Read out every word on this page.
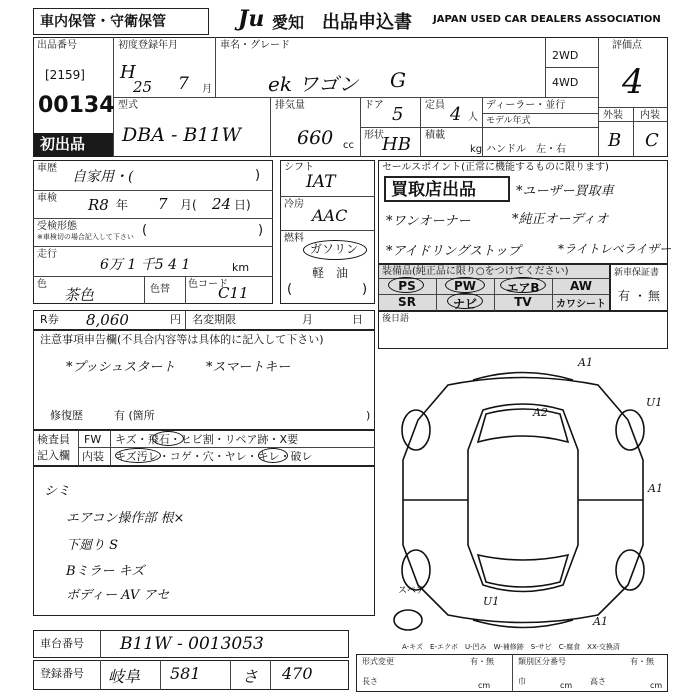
車内保管・守衛保管	Ju 愛知 出品申込書 JAPAN USED CAR DEALERS ASSOCIATION
出品番号
[2159]
00134
初出品
初度登録年月
H
25 7 月
車名・グレード
ek ワゴン G
2WD
4WD
評価点
4
外装 内装
B C
型式
DBA - B11W
排気量
660 cc
ドア 5 定員 4 人
形状
HB 積載
kg
ディーラー・並行
モデル年式
ハンドル　左・右
車歴
自家用・(	)
車検 R8 年 7 月( 24 日)
受検形態
※車検切の場合記入して下さい (	)
走行
6万 1 千5 4 1	km
色
茶色	色替 色コード
C11
シフト
IAT
冷房
AAC
燃料
ガソリン
軽　油
(	)
セールスポイント(正常に機能するものに限ります)
買取店出品	*ユーザー買取車
*ワンオーナー	*純正オーディオ
*アイドリングストップ	*ライトレベライザー
装備品(純正品に限り○をつけてください)
PS	PW	エアB	AW
SR	ナビ	TV	カワシート
新車保証書
有 ・ 無
R券 8,060	円 名変期限	月	日 後日語
注意事項申告欄(不具合内容等は具体的に記入して下さい)
*プッシュスタート *スマートキー
修復歴	有 (箇所	)
検査員
記入欄
FW キズ・飛石・ヒビ割・リペア跡・X要
内装 キズ汚レ・コゲ・穴・ヤレ・キレ・破レ
シミ
エアコン操作部 根×
下廻り S
Bミラー キズ
ボディー AV アセ
A1
A2
U1
A1
U1
A1
スペア
A-キズ　E-エクボ　U-凹み　W-補修跡　S-サビ　C-腐食　XX-交換済
車台番号 B11W - 0013053
登録番号 岐阜 581	さ 470
形式変更	有・無	類別区分番号	有・無
長さ	cm	巾	cm 高さ	cm
